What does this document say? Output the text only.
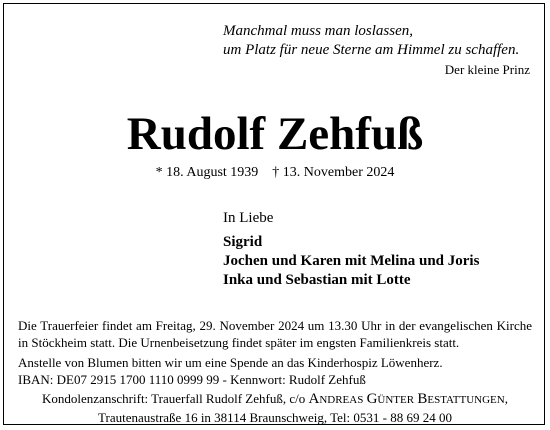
Manchmal muss man loslassen,
um Platz für neue Sterne am Himmel zu schaffen.
Der kleine Prinz
Rudolf Zehfuß
* 18. August 1939 † 13. November 2024
In Liebe
Sigrid
Jochen und Karen mit Melina und Joris
Inka und Sebastian mit Lotte

Die Trauerfeier findet am Freitag, 29. November 2024 um 13.30 Uhr in der evangelischen Kirche in Stöckheim statt. Die Urnenbeisetzung findet später im engsten Familienkreis statt.

Anstelle von Blumen bitten wir um eine Spende an das Kinderhospiz Löwenherz.

IBAN: DE07 2915 1700 1110 0999 99 - Kennwort: Rudolf Zehfuß

Kondolenzanschrift: Trauerfall Rudolf Zehfuß, c/o ANDREAS GÜNTER BESTATTUNGEN,
Trautenaustraße 16 in 38114 Braunschweig, Tel: 0531 - 88 69 24 00
